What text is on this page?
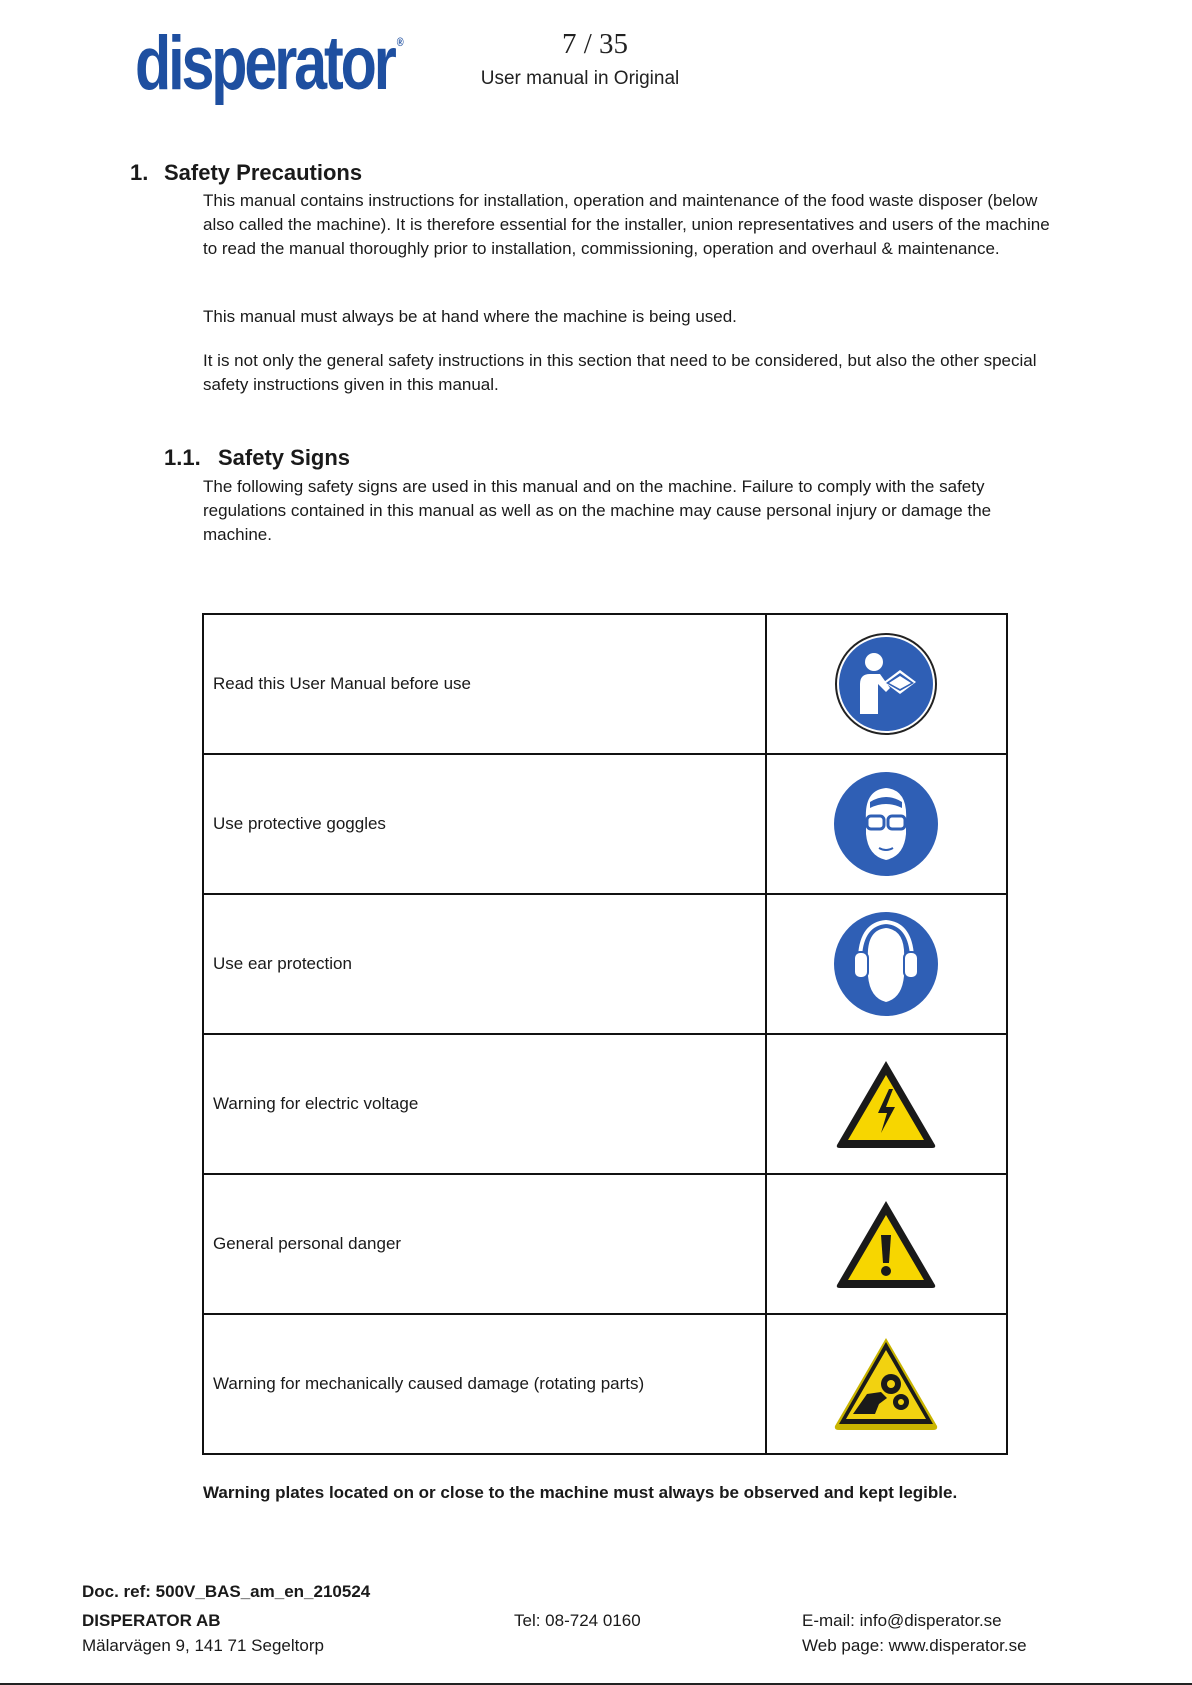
disperator ®	7 / 35
User manual in Original
1. Safety Precautions

This manual contains instructions for installation, operation and maintenance of the food waste disposer (below also called the machine). It is therefore essential for the installer, union representatives and users of the machine to read the manual thoroughly prior to installation, commissioning, operation and overhaul & maintenance.

This manual must always be at hand where the machine is being used.

It is not only the general safety instructions in this section that need to be considered, but also the other special safety instructions given in this manual.

1.1. Safety Signs

The following safety signs are used in this manual and on the machine. Failure to comply with the safety regulations contained in this manual as well as on the machine may cause personal injury or damage the machine.

Read this User Manual before use	

Use protective goggles	

Use ear protection	

Warning for electric voltage	

General personal danger	

Warning for mechanically caused damage (rotating parts)	
Warning plates located on or close to the machine must always be observed and kept legible.
Doc. ref: 500V_BAS_am_en_210524
DISPERATOR AB
Mälarvägen 9, 141 71 Segeltorp
Tel: 08-724 0160	E-mail: info@disperator.se
Web page: www.disperator.se
